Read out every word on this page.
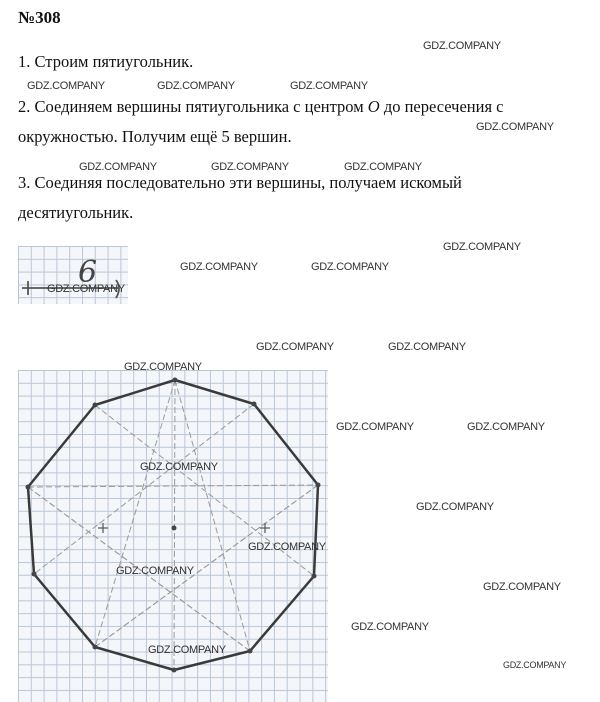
№308
1. Строим пятиугольник.
2. Соединяем вершины пятиугольника с центром O до пересечения с
окружностью. Получим ещё 5 вершин.
3. Соединяя последовательно эти вершины, получаем искомый
десятиугольник.
6
GDZ.COMPANY
GDZ.COMPANY	GDZ.COMPANY	GDZ.COMPANY
GDZ.COMPANY
GDZ.COMPANY	GDZ.COMPANY	GDZ.COMPANY
GDZ.COMPANY
GDZ.COMPANY	GDZ.COMPANY
GDZ.COMPANY
GDZ.COMPANY	GDZ.COMPANY
GDZ.COMPANY
GDZ.COMPANY	GDZ.COMPANY
GDZ.COMPANY
GDZ.COMPANY
GDZ.COMPANY
GDZ.COMPANY
GDZ.COMPANY
GDZ.COMPANY
GDZ.COMPANY
GDZ.COMPANY
